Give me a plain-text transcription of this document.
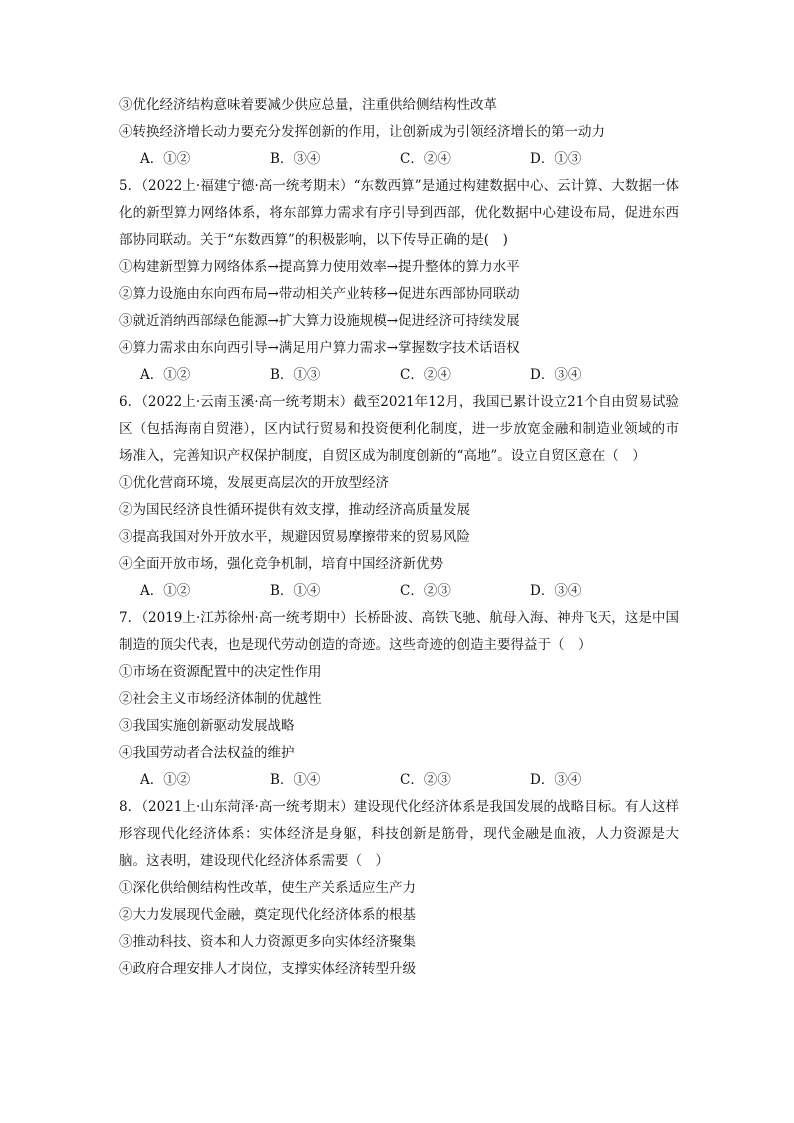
③优化经济结构意味着要减少供应总量，注重供给侧结构性改革
④转换经济增长动力要充分发挥创新的作用，让创新成为引领经济增长的第一动力
A．①②	B．③④	C．②④	D．①③
5．（2022上·福建宁德·高一统考期末）“东数西算”是通过构建数据中心、云计算、大数据一体化的新型算力网络体系，将东部算力需求有序引导到西部，优化数据中心建设布局，促进东西部协同联动。关于“东数西算”的积极影响，以下传导正确的是(　)
①构建新型算力网络体系→提高算力使用效率→提升整体的算力水平
②算力设施由东向西布局→带动相关产业转移→促进东西部协同联动
③就近消纳西部绿色能源→扩大算力设施规模→促进经济可持续发展
④算力需求由东向西引导→满足用户算力需求→掌握数字技术话语权
A．①②	B．①③	C．②④	D．③④
6．（2022上·云南玉溪·高一统考期末）截至2021年12月，我国已累计设立21个自由贸易试验区（包括海南自贸港），区内试行贸易和投资便利化制度，进一步放宽金融和制造业领域的市场准入，完善知识产权保护制度，自贸区成为制度创新的“高地”。设立自贸区意在（　）
①优化营商环境，发展更高层次的开放型经济
②为国民经济良性循环提供有效支撑，推动经济高质量发展
③提高我国对外开放水平，规避因贸易摩擦带来的贸易风险
④全面开放市场，强化竞争机制，培育中国经济新优势
A．①②	B．①④	C．②③	D．③④
7．（2019上·江苏徐州·高一统考期中）长桥卧波、高铁飞驰、航母入海、神舟飞天，这是中国制造的顶尖代表，也是现代劳动创造的奇迹。这些奇迹的创造主要得益于（　）
①市场在资源配置中的决定性作用
②社会主义市场经济体制的优越性
③我国实施创新驱动发展战略
④我国劳动者合法权益的维护
A．①②	B．①④	C．②③	D．③④
8．（2021上·山东菏泽·高一统考期末）建设现代化经济体系是我国发展的战略目标。有人这样形容现代化经济体系：实体经济是身躯，科技创新是筋骨，现代金融是血液，人力资源是大脑。这表明，建设现代化经济体系需要（　）
①深化供给侧结构性改革，使生产关系适应生产力
②大力发展现代金融，奠定现代化经济体系的根基
③推动科技、资本和人力资源更多向实体经济聚集
④政府合理安排人才岗位，支撑实体经济转型升级
